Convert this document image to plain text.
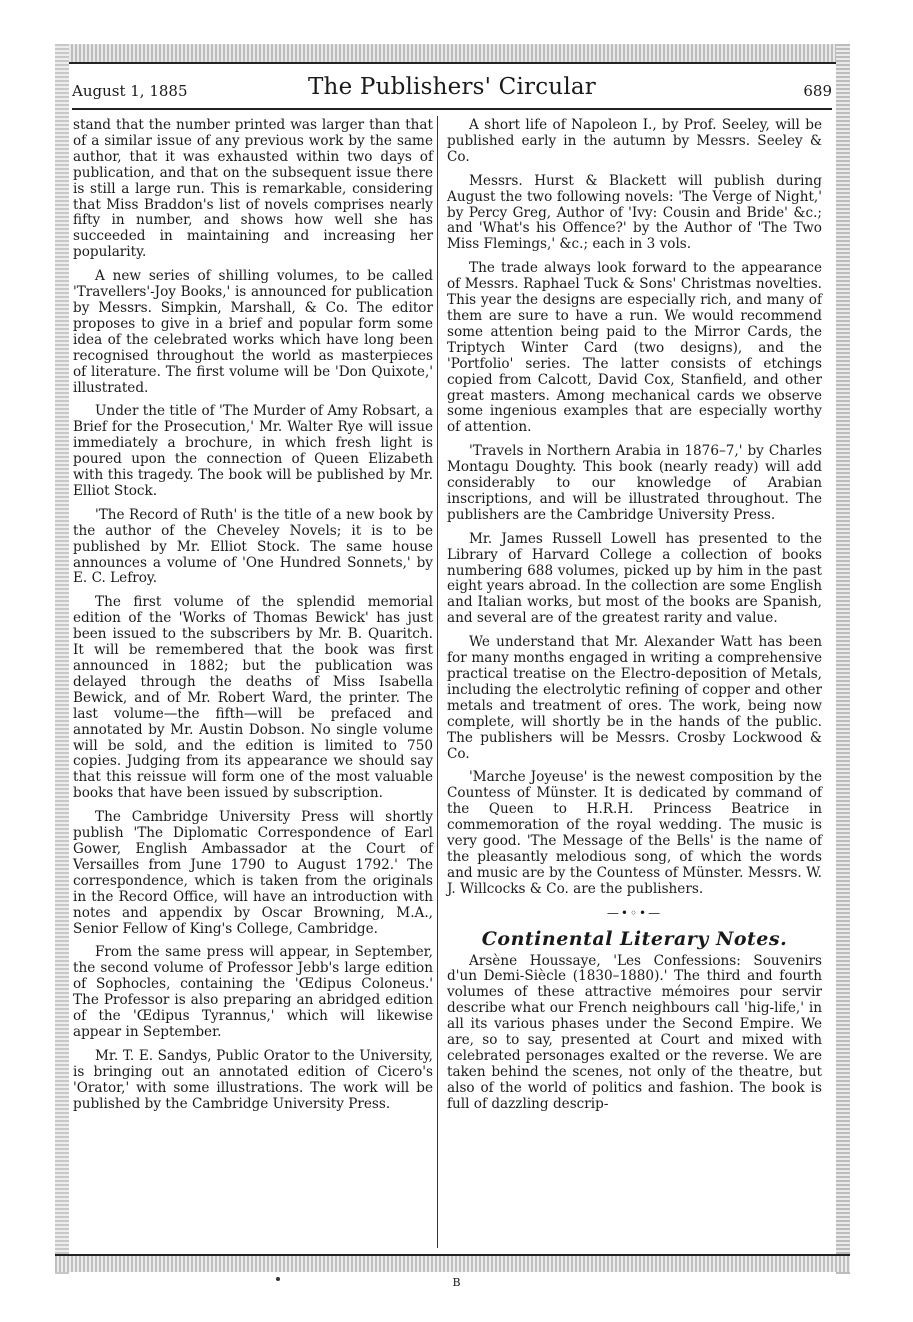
August 1, 1885	The Publishers' Circular	689

stand that the number printed was larger than that of a similar issue of any previous work by the same author, that it was exhausted within two days of publication, and that on the subsequent issue there is still a large run. This is remarkable, considering that Miss Braddon's list of novels comprises nearly fifty in number, and shows how well she has succeeded in maintaining and increasing her popularity.

A new series of shilling volumes, to be called 'Travellers'-Joy Books,' is announced for publication by Messrs. Simpkin, Marshall, & Co. The editor proposes to give in a brief and popular form some idea of the celebrated works which have long been recognised throughout the world as masterpieces of literature. The first volume will be 'Don Quixote,' illustrated.

Under the title of 'The Murder of Amy Robsart, a Brief for the Prosecution,' Mr. Walter Rye will issue immediately a brochure, in which fresh light is poured upon the connection of Queen Elizabeth with this tragedy. The book will be published by Mr. Elliot Stock.

'The Record of Ruth' is the title of a new book by the author of the Cheveley Novels; it is to be published by Mr. Elliot Stock. The same house announces a volume of 'One Hundred Sonnets,' by E. C. Lefroy.

The first volume of the splendid memorial edition of the 'Works of Thomas Bewick' has just been issued to the subscribers by Mr. B. Quaritch. It will be remembered that the book was first announced in 1882; but the publication was delayed through the deaths of Miss Isabella Bewick, and of Mr. Robert Ward, the printer. The last volume—the fifth—will be prefaced and annotated by Mr. Austin Dobson. No single volume will be sold, and the edition is limited to 750 copies. Judging from its appearance we should say that this reissue will form one of the most valuable books that have been issued by subscription.

The Cambridge University Press will shortly publish 'The Diplomatic Correspondence of Earl Gower, English Ambassador at the Court of Versailles from June 1790 to August 1792.' The correspondence, which is taken from the originals in the Record Office, will have an introduction with notes and appendix by Oscar Browning, M.A., Senior Fellow of King's College, Cambridge.

From the same press will appear, in September, the second volume of Professor Jebb's large edition of Sophocles, containing the 'Œdipus Coloneus.' The Professor is also preparing an abridged edition of the 'Œdipus Tyrannus,' which will likewise appear in September.

Mr. T. E. Sandys, Public Orator to the University, is bringing out an annotated edition of Cicero's 'Orator,' with some illustrations. The work will be published by the Cambridge University Press.

A short life of Napoleon I., by Prof. Seeley, will be published early in the autumn by Messrs. Seeley & Co.

Messrs. Hurst & Blackett will publish during August the two following novels: 'The Verge of Night,' by Percy Greg, Author of 'Ivy: Cousin and Bride' &c.; and 'What's his Offence?' by the Author of 'The Two Miss Flemings,' &c.; each in 3 vols.

The trade always look forward to the appearance of Messrs. Raphael Tuck & Sons' Christmas novelties. This year the designs are especially rich, and many of them are sure to have a run. We would recommend some attention being paid to the Mirror Cards, the Triptych Winter Card (two designs), and the 'Portfolio' series. The latter consists of etchings copied from Calcott, David Cox, Stanfield, and other great masters. Among mechanical cards we observe some ingenious examples that are especially worthy of attention.

'Travels in Northern Arabia in 1876–7,' by Charles Montagu Doughty. This book (nearly ready) will add considerably to our knowledge of Arabian inscriptions, and will be illustrated throughout. The publishers are the Cambridge University Press.

Mr. James Russell Lowell has presented to the Library of Harvard College a collection of books numbering 688 volumes, picked up by him in the past eight years abroad. In the collection are some English and Italian works, but most of the books are Spanish, and several are of the greatest rarity and value.

We understand that Mr. Alexander Watt has been for many months engaged in writing a comprehensive practical treatise on the Electro-deposition of Metals, including the electrolytic refining of copper and other metals and treatment of ores. The work, being now complete, will shortly be in the hands of the public. The publishers will be Messrs. Crosby Lockwood & Co.

'Marche Joyeuse' is the newest composition by the Countess of Münster. It is dedicated by command of the Queen to H.R.H. Princess Beatrice in commemoration of the royal wedding. The music is very good. 'The Message of the Bells' is the name of the pleasantly melodious song, of which the words and music are by the Countess of Münster. Messrs. W. J. Willcocks & Co. are the publishers.

—•◦•—
Continental Literary Notes.

Arsène Houssaye, 'Les Confessions: Souvenirs d'un Demi-Siècle (1830–1880).' The third and fourth volumes of these attractive mémoires pour servir describe what our French neighbours call 'hig-life,' in all its various phases under the Second Empire. We are, so to say, presented at Court and mixed with celebrated personages exalted or the reverse. We are taken behind the scenes, not only of the theatre, but also of the world of politics and fashion. The book is full of dazzling descrip-

B
